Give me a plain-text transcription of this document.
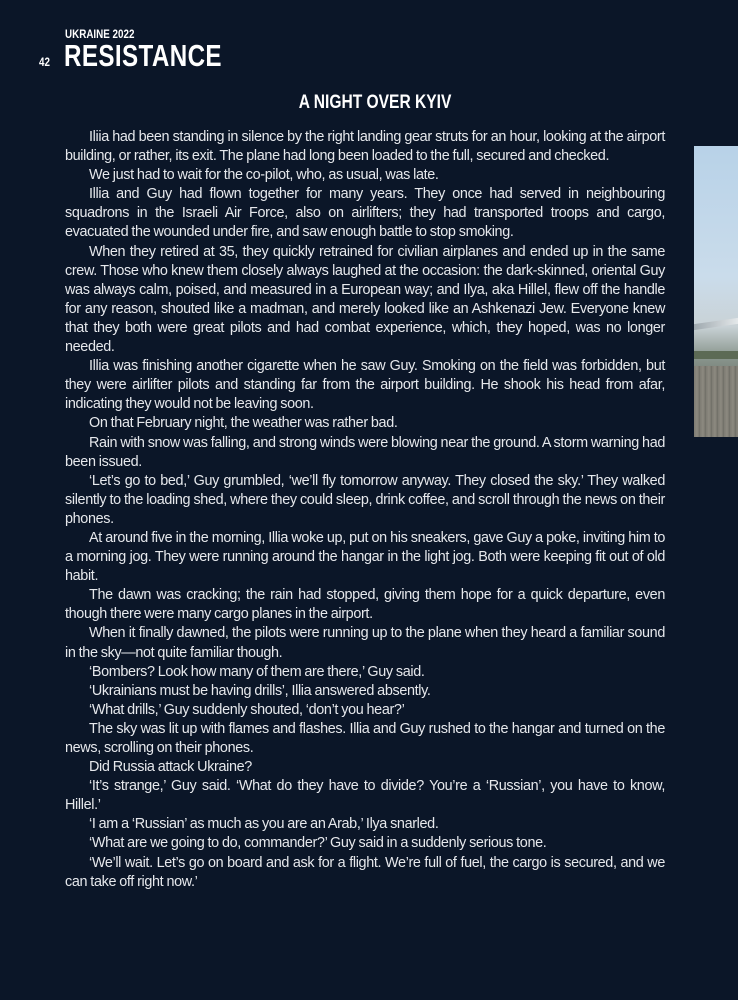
UKRAINE 2022
42 RESISTANCE
A NIGHT OVER KYIV

Iliia had been standing in silence by the right landing gear struts for an hour, looking at the airport building, or rather, its exit. The plane had long been loaded to the full, secured and checked.

We just had to wait for the co-pilot, who, as usual, was late.

Illia and Guy had flown together for many years. They once had served in neighbouring squadrons in the Israeli Air Force, also on airlifters; they had transported troops and cargo, evacuated the wounded under fire, and saw enough battle to stop smoking.

When they retired at 35, they quickly retrained for civilian airplanes and ended up in the same crew. Those who knew them closely always laughed at the occasion: the dark-skinned, oriental Guy was always calm, poised, and measured in a European way; and Ilya, aka Hillel, flew off the handle for any reason, shouted like a madman, and merely looked like an Ashkenazi Jew. Everyone knew that they both were great pilots and had combat experience, which, they hoped, was no longer needed.

Illia was finishing another cigarette when he saw Guy. Smoking on the field was forbidden, but they were airlifter pilots and standing far from the airport building. He shook his head from afar, indicating they would not be leaving soon.

On that February night, the weather was rather bad.

Rain with snow was falling, and strong winds were blowing near the ground. A storm warning had been issued.

‘Let’s go to bed,’ Guy grumbled, ‘we’ll fly tomorrow anyway. They closed the sky.’ They walked silently to the loading shed, where they could sleep, drink coffee, and scroll through the news on their phones.

At around five in the morning, Illia woke up, put on his sneakers, gave Guy a poke, inviting him to a morning jog. They were running around the hangar in the light jog. Both were keeping fit out of old habit.

The dawn was cracking; the rain had stopped, giving them hope for a quick departure, even though there were many cargo planes in the airport.

When it finally dawned, the pilots were running up to the plane when they heard a familiar sound in the sky—not quite familiar though.

‘Bombers? Look how many of them are there,’ Guy said.

‘Ukrainians must be having drills’, Illia answered absently.

‘What drills,’ Guy suddenly shouted, ‘don’t you hear?’

The sky was lit up with flames and flashes. Illia and Guy rushed to the hangar and turned on the news, scrolling on their phones.

Did Russia attack Ukraine?

‘It’s strange,’ Guy said. ‘What do they have to divide? You’re a ‘Russian’, you have to know, Hillel.’

‘I am a ‘Russian’ as much as you are an Arab,’ Ilya snarled.

‘What are we going to do, commander?’ Guy said in a suddenly serious tone.

‘We’ll wait. Let’s go on board and ask for a flight. We’re full of fuel, the cargo is secured, and we can take off right now.’
